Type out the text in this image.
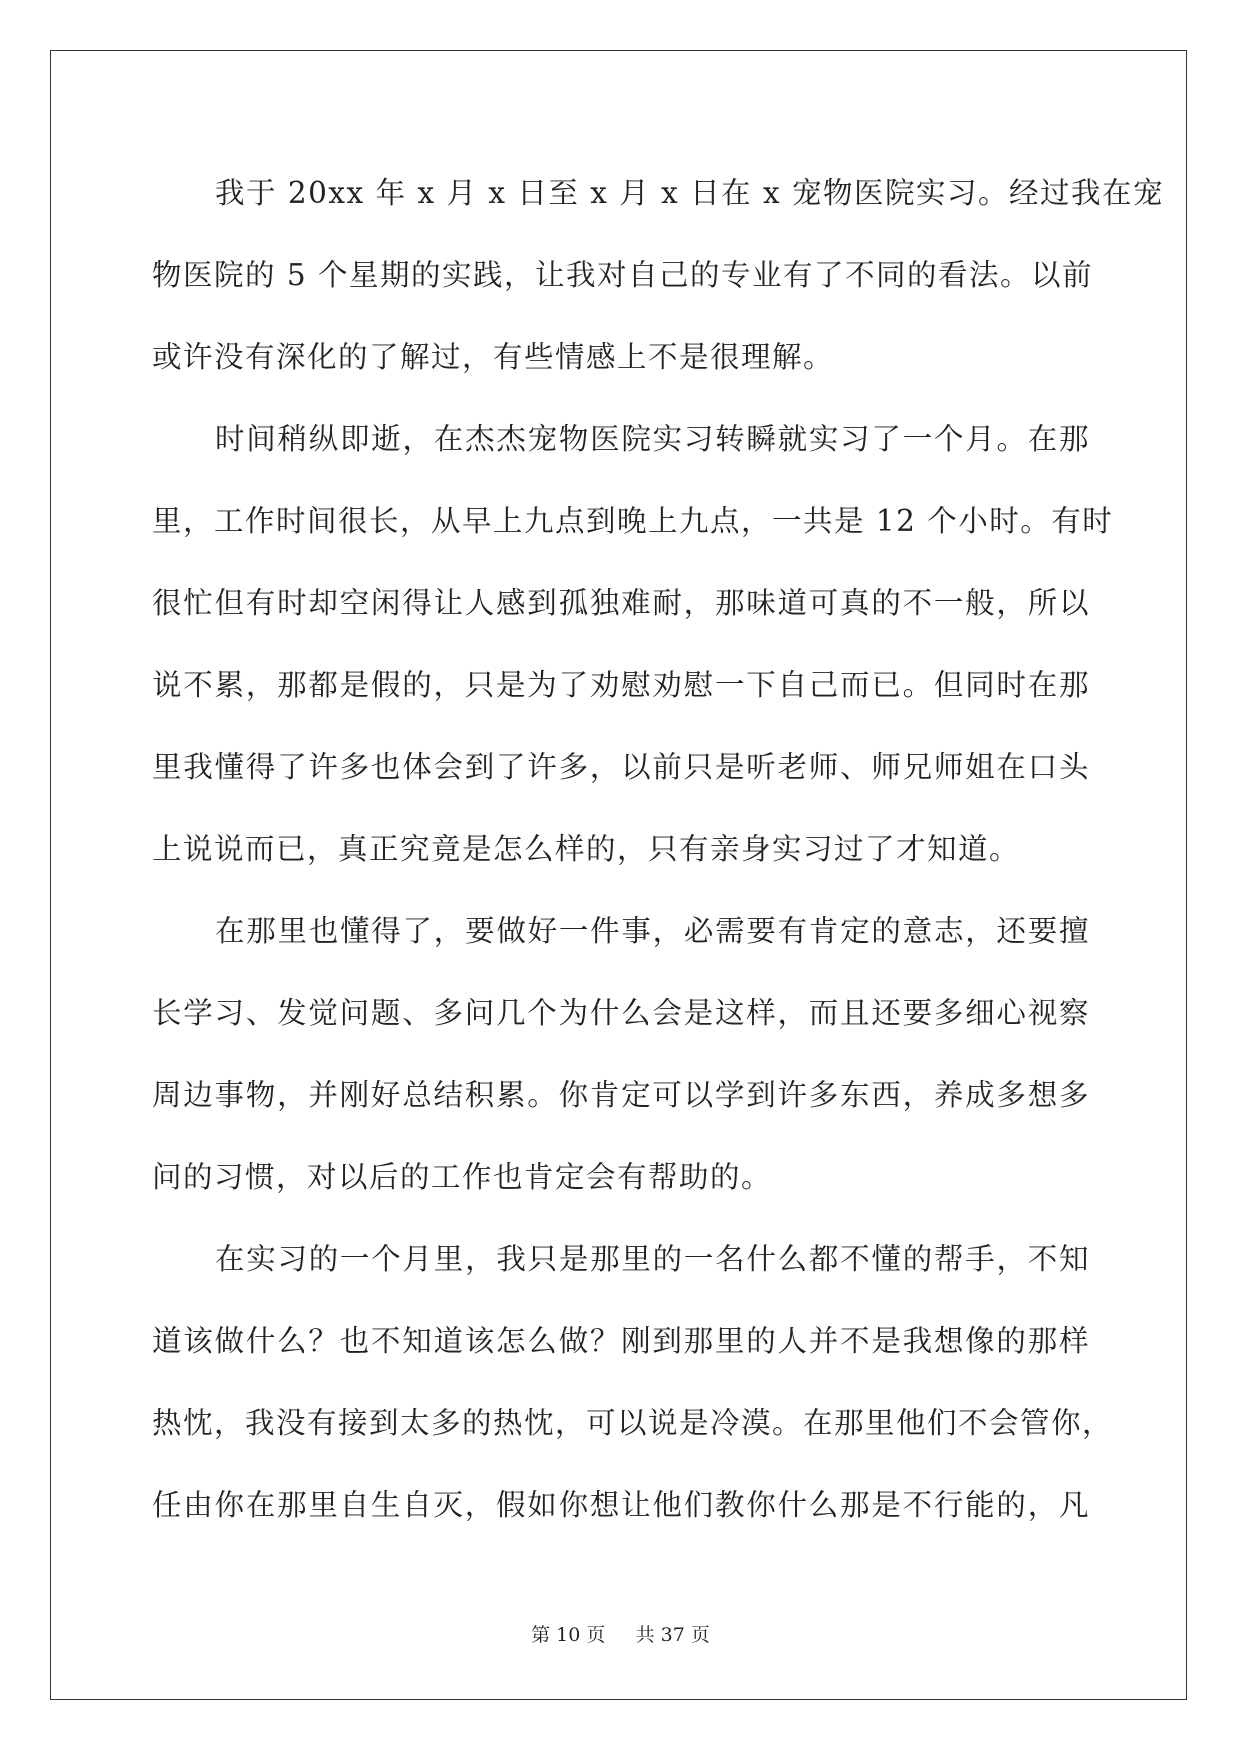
我于 20xx 年 x 月 x 日至 x 月 x 日在 x 宠物医院实习。经过我在宠
物医院的 5 个星期的实践，让我对自己的专业有了不同的看法。以前
或许没有深化的了解过，有些情感上不是很理解。
时间稍纵即逝，在杰杰宠物医院实习转瞬就实习了一个月。在那
里，工作时间很长，从早上九点到晚上九点，一共是 12 个小时。有时
很忙但有时却空闲得让人感到孤独难耐，那味道可真的不一般，所以
说不累，那都是假的，只是为了劝慰劝慰一下自己而已。但同时在那
里我懂得了许多也体会到了许多，以前只是听老师、师兄师姐在口头
上说说而已，真正究竟是怎么样的，只有亲身实习过了才知道。
在那里也懂得了，要做好一件事，必需要有肯定的意志，还要擅
长学习、发觉问题、多问几个为什么会是这样，而且还要多细心视察
周边事物，并刚好总结积累。你肯定可以学到许多东西，养成多想多
问的习惯，对以后的工作也肯定会有帮助的。
在实习的一个月里，我只是那里的一名什么都不懂的帮手，不知
道该做什么？也不知道该怎么做？刚到那里的人并不是我想像的那样
热忱，我没有接到太多的热忱，可以说是冷漠。在那里他们不会管你，
任由你在那里自生自灭，假如你想让他们教你什么那是不行能的，凡
第 10 页 共 37 页
